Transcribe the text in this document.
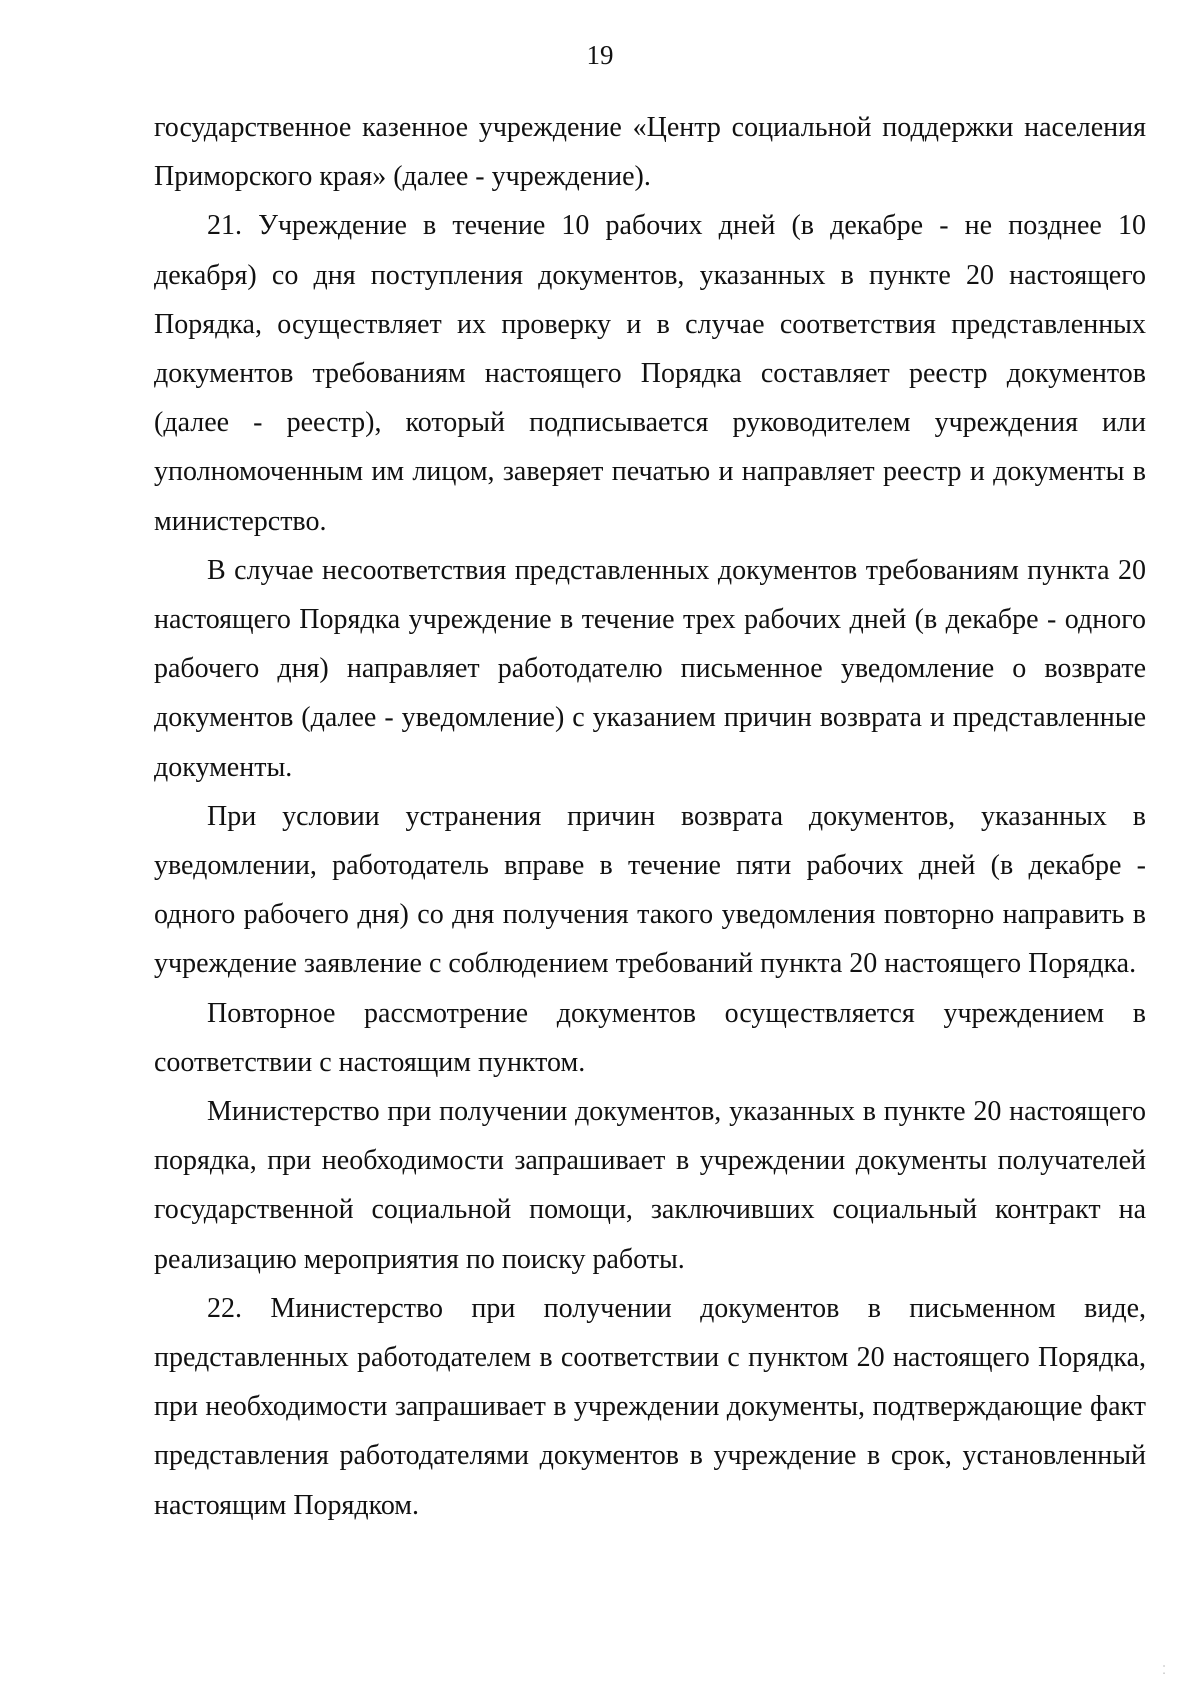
19

государственное казенное учреждение «Центр социальной поддержки населения Приморского края» (далее - учреждение).

21. Учреждение в течение 10 рабочих дней (в декабре - не позднее 10 декабря) со дня поступления документов, указанных в пункте 20 настоящего Порядка, осуществляет их проверку и в случае соответствия представленных документов требованиям настоящего Порядка составляет реестр документов (далее - реестр), который подписывается руководителем учреждения или уполномоченным им лицом, заверяет печатью и направляет реестр и документы в министерство.

В случае несоответствия представленных документов требованиям пункта 20 настоящего Порядка учреждение в течение трех рабочих дней (в декабре - одного рабочего дня) направляет работодателю письменное уведомление о возврате документов (далее - уведомление) с указанием причин возврата и представленные документы.

При условии устранения причин возврата документов, указанных в уведомлении, работодатель вправе в течение пяти рабочих дней (в декабре - одного рабочего дня) со дня получения такого уведомления повторно направить в учреждение заявление с соблюдением требований пункта 20 настоящего Порядка.

Повторное рассмотрение документов осуществляется учреждением в соответствии с настоящим пунктом.

Министерство при получении документов, указанных в пункте 20 настоящего порядка, при необходимости запрашивает в учреждении документы получателей государственной социальной помощи, заключивших социальный контракт на реализацию мероприятия по поиску работы.

22. Министерство при получении документов в письменном виде, представленных работодателем в соответствии с пунктом 20 настоящего Порядка, при необходимости запрашивает в учреждении документы, подтверждающие факт представления работодателями документов в учреждение в срок, установленный настоящим Порядком.

⁚
